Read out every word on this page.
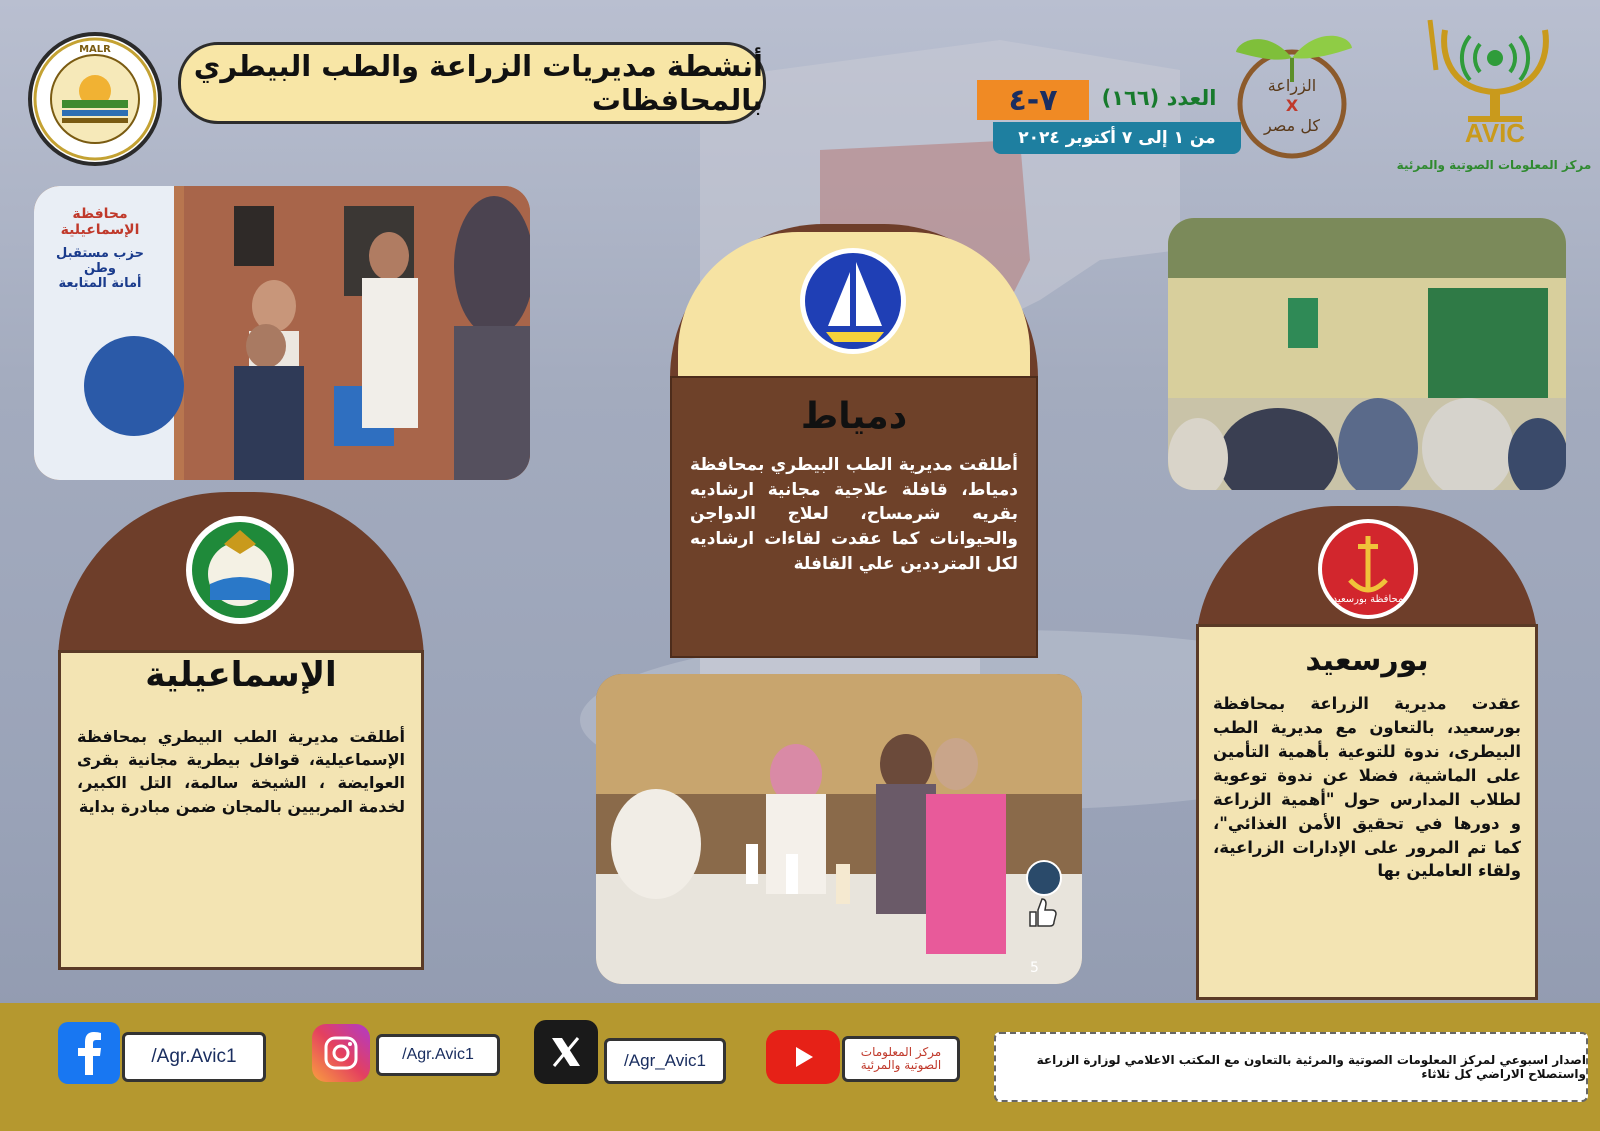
MALR	أنشطة مديريات الزراعة والطب البيطري بالمحافظات	٧-٤	العدد (١٦٦)
من ١ إلى ٧ أكتوبر ٢٠٢٤
الزراعة
X
كل مصر	AVIC
مركز المعلومات الصوتية والمرئية
محافظة الإسماعيلية
حزب مستقبل وطن
أمانة المتابعة
دمياط
أطلقت مديرية الطب البيطري بمحافظة دمياط، قافلة علاجية مجانية ارشاديه بقريه شرمساح، لعلاج الدواجن والحيوانات كما عقدت لقاءات ارشاديه لكل المترددين علي القافلة
الإسماعيلية
أطلقت مديرية الطب البيطري بمحافظة الإسماعيلية، قوافل بيطرية مجانية بقرى العوايضة ، الشيخة سالمة، التل الكبير، لخدمة المربيين بالمجان ضمن مبادرة بداية
محافظة بورسعيد
بورسعيد
عقدت مديرية الزراعة بمحافظة بورسعيد، بالتعاون مع مديرية الطب البيطرى، ندوة للتوعية بأهمية التأمين على الماشية، فضلا عن ندوة توعوية لطلاب المدارس حول "أهمية الزراعة و دورها في تحقيق الأمن الغذائي"، كما تم المرور على الإدارات الزراعية، ولقاء العاملين بها
5
/Agr.Avic1	/Agr.Avic1	/Agr_Avic1	مركز المعلومات الصوتية والمرئية	اصدار اسبوعي لمركز المعلومات الصوتية والمرئية بالتعاون مع المكتب الاعلامي لوزارة الزراعة واستصلاح الاراضي كل ثلاثاء
